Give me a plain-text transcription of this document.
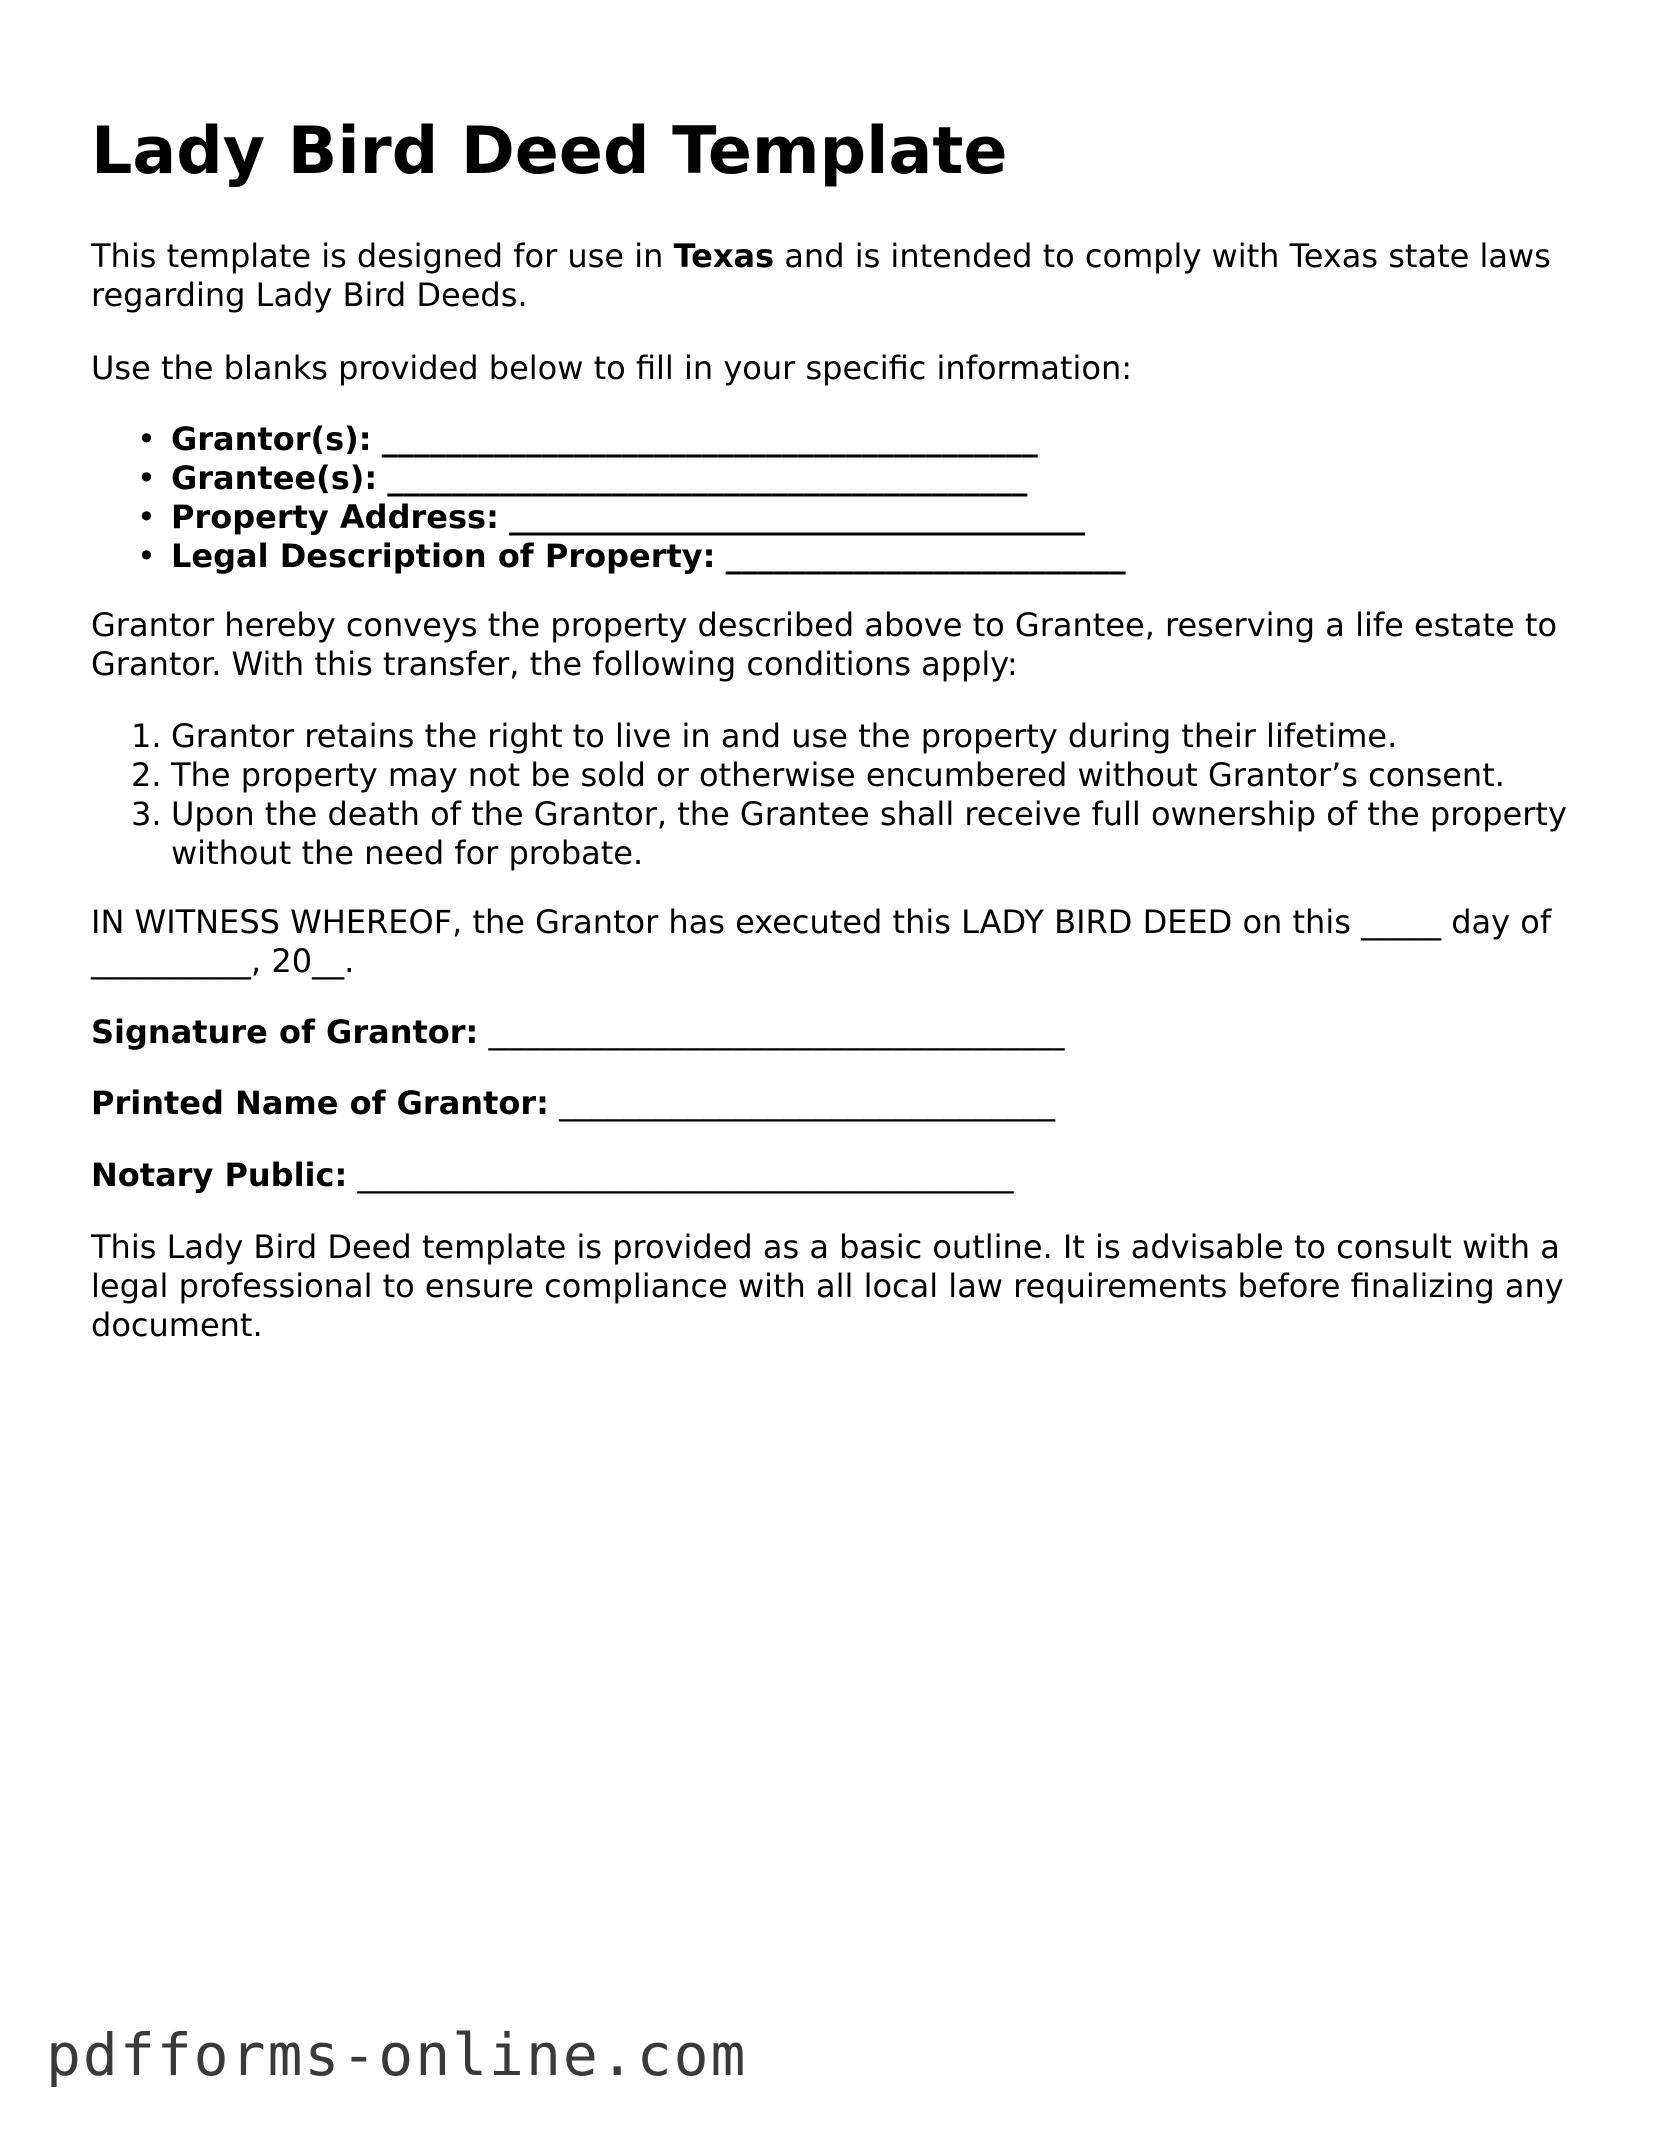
Lady Bird Deed Template

This template is designed for use in Texas and is intended to comply with Texas state laws regarding Lady Bird Deeds.

Use the blanks provided below to fill in your specific information:

• Grantor(s): _________________________________________
• Grantee(s): ________________________________________
• Property Address: ____________________________________
• Legal Description of Property: _________________________

Grantor hereby conveys the property described above to Grantee, reserving a life estate to Grantor. With this transfer, the following conditions apply:

1. Grantor retains the right to live in and use the property during their lifetime.
2. The property may not be sold or otherwise encumbered without Grantor’s consent.
3. Upon the death of the Grantor, the Grantee shall receive full ownership of the property without the need for probate.

IN WITNESS WHEREOF, the Grantor has executed this LADY BIRD DEED on this _____ day of __________, 20__.

Signature of Grantor: ____________________________________

Printed Name of Grantor: _______________________________

Notary Public: _________________________________________

This Lady Bird Deed template is provided as a basic outline. It is advisable to consult with a legal professional to ensure compliance with all local law requirements before finalizing any document.

pdfforms-online.com
